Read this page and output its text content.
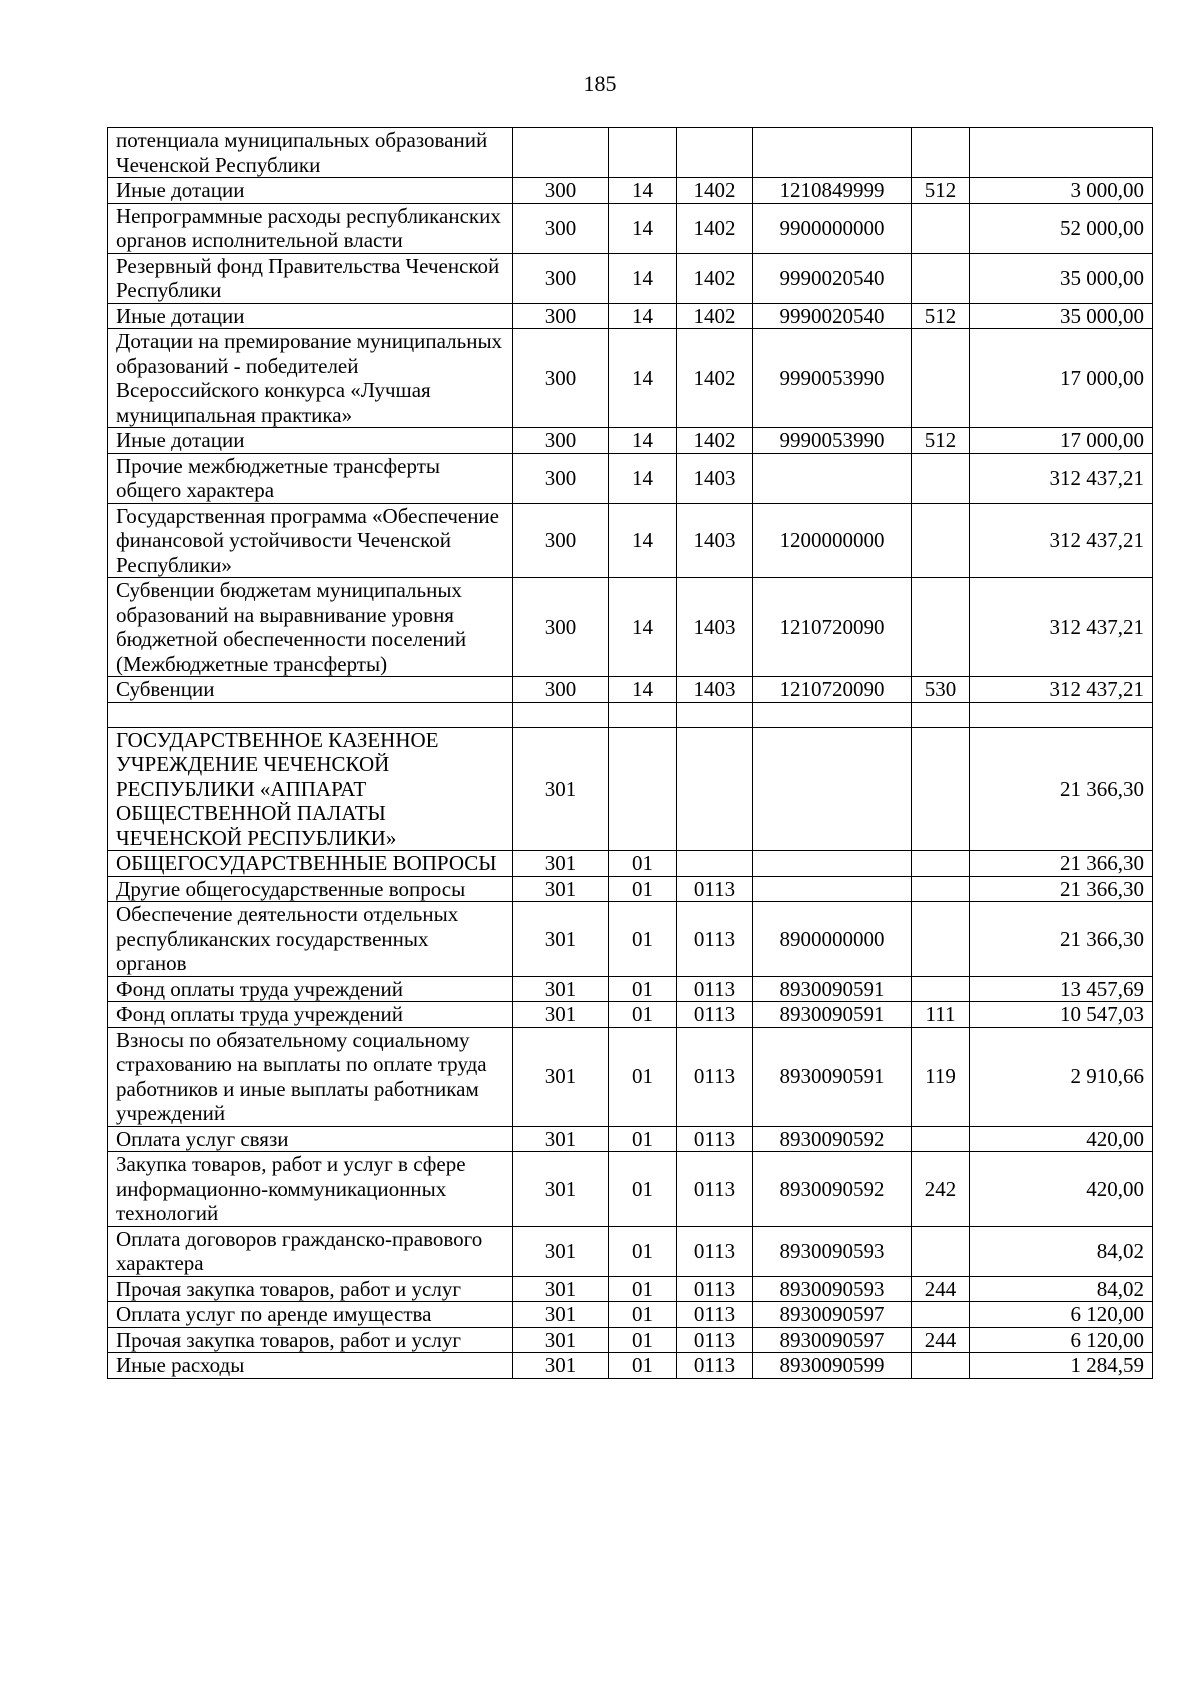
185
потенциала муниципальных образований Чеченской Республики						
Иные дотации	300	14	1402	1210849999	512	3 000,00
Непрограммные расходы республиканских органов исполнительной власти	300	14	1402	9900000000		52 000,00
Резервный фонд Правительства Чеченской Республики	300	14	1402	9990020540		35 000,00
Иные дотации	300	14	1402	9990020540	512	35 000,00
Дотации на премирование муниципальных образований - победителей Всероссийского конкурса «Лучшая муниципальная практика»	300	14	1402	9990053990		17 000,00
Иные дотации	300	14	1402	9990053990	512	17 000,00
Прочие межбюджетные трансферты общего характера	300	14	1403			312 437,21
Государственная программа «Обеспечение финансовой устойчивости Чеченской Республики»	300	14	1403	1200000000		312 437,21
Субвенции бюджетам муниципальных образований на выравнивание уровня бюджетной обеспеченности поселений (Межбюджетные трансферты)	300	14	1403	1210720090		312 437,21
Субвенции	300	14	1403	1210720090	530	312 437,21

ГОСУДАРСТВЕННОЕ КАЗЕННОЕ УЧРЕЖДЕНИЕ ЧЕЧЕНСКОЙ РЕСПУБЛИКИ «АППАРАТ ОБЩЕСТВЕННОЙ ПАЛАТЫ ЧЕЧЕНСКОЙ РЕСПУБЛИКИ»	301					21 366,30
ОБЩЕГОСУДАРСТВЕННЫЕ ВОПРОСЫ	301	01				21 366,30
Другие общегосударственные вопросы	301	01	0113			21 366,30
Обеспечение деятельности отдельных республиканских государственных органов	301	01	0113	8900000000		21 366,30
Фонд оплаты труда учреждений	301	01	0113	8930090591		13 457,69
Фонд оплаты труда учреждений	301	01	0113	8930090591	111	10 547,03
Взносы по обязательному социальному страхованию на выплаты по оплате труда работников и иные выплаты работникам учреждений	301	01	0113	8930090591	119	2 910,66
Оплата услуг связи	301	01	0113	8930090592		420,00
Закупка товаров, работ и услуг в сфере информационно-коммуникационных технологий	301	01	0113	8930090592	242	420,00
Оплата договоров гражданско-правового характера	301	01	0113	8930090593		84,02
Прочая закупка товаров, работ и услуг	301	01	0113	8930090593	244	84,02
Оплата услуг по аренде имущества	301	01	0113	8930090597		6 120,00
Прочая закупка товаров, работ и услуг	301	01	0113	8930090597	244	6 120,00
Иные расходы	301	01	0113	8930090599		1 284,59
